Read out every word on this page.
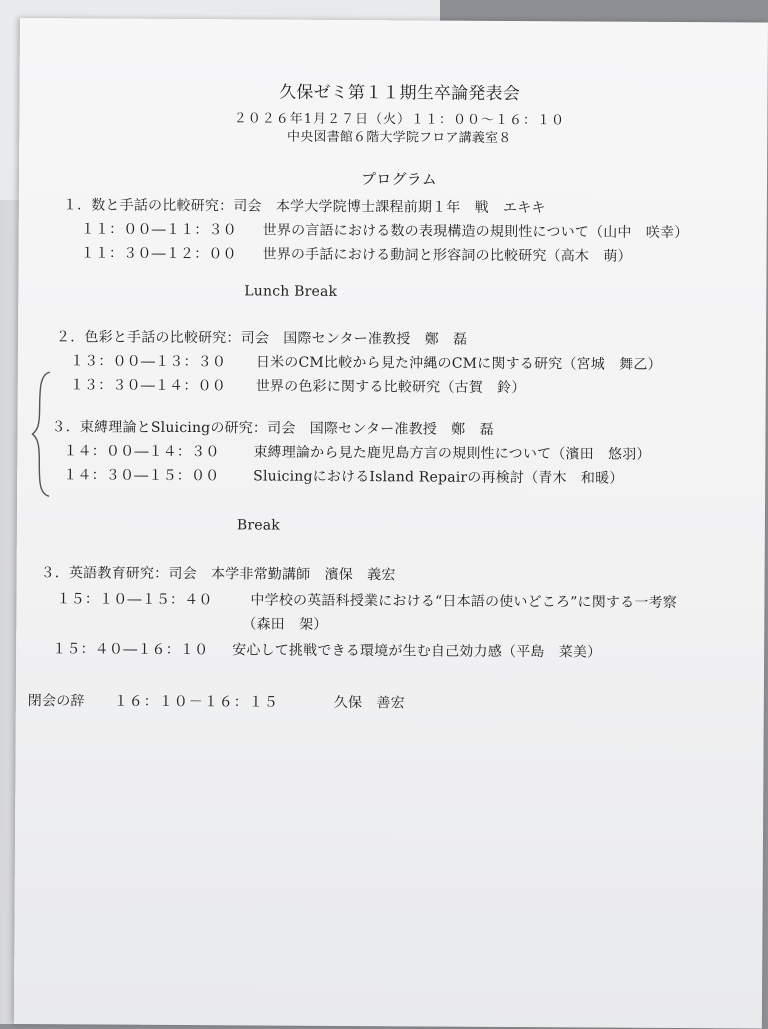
久保ゼミ第１１期生卒論発表会
２０２６年1月２７日（火）１１：００～１６：１０
中央図書館６階大学院フロア講義室８
プログラム
１．数と手話の比較研究：司会　本学大学院博士課程前期１年　戦　エキキ
１１：００―１１：３０ 世界の言語における数の表現構造の規則性について（山中　咲幸）
１１：３０―１２：００ 世界の手話における動詞と形容詞の比較研究（高木　萌）
Lunch Break
２．色彩と手話の比較研究：司会　国際センター准教授　鄭　磊
１３：００―１３：３０ 日米のCM比較から見た沖縄のCMに関する研究（宮城　舞乙）
１３：３０―１４：００ 世界の色彩に関する比較研究（古賀　鈴）
３．束縛理論とSluicingの研究：司会　国際センター准教授　鄭　磊
１４：００―１４：３０ 束縛理論から見た鹿児島方言の規則性について（濱田　悠羽）
１４：３０―１５：００ SluicingにおけるIsland Repairの再検討（青木　和暖）
Break
３．英語教育研究：司会　本学非常勤講師　濱保　義宏
１５：１０―１５：４０	中学校の英語科授業における“日本語の使いどころ”に関する一考察
（森田　架）
１５：４０―１６：１０ 安心して挑戦できる環境が生む自己効力感（平島　菜美）
閉会の辞 １６：１０－１６：１５	久保　善宏
